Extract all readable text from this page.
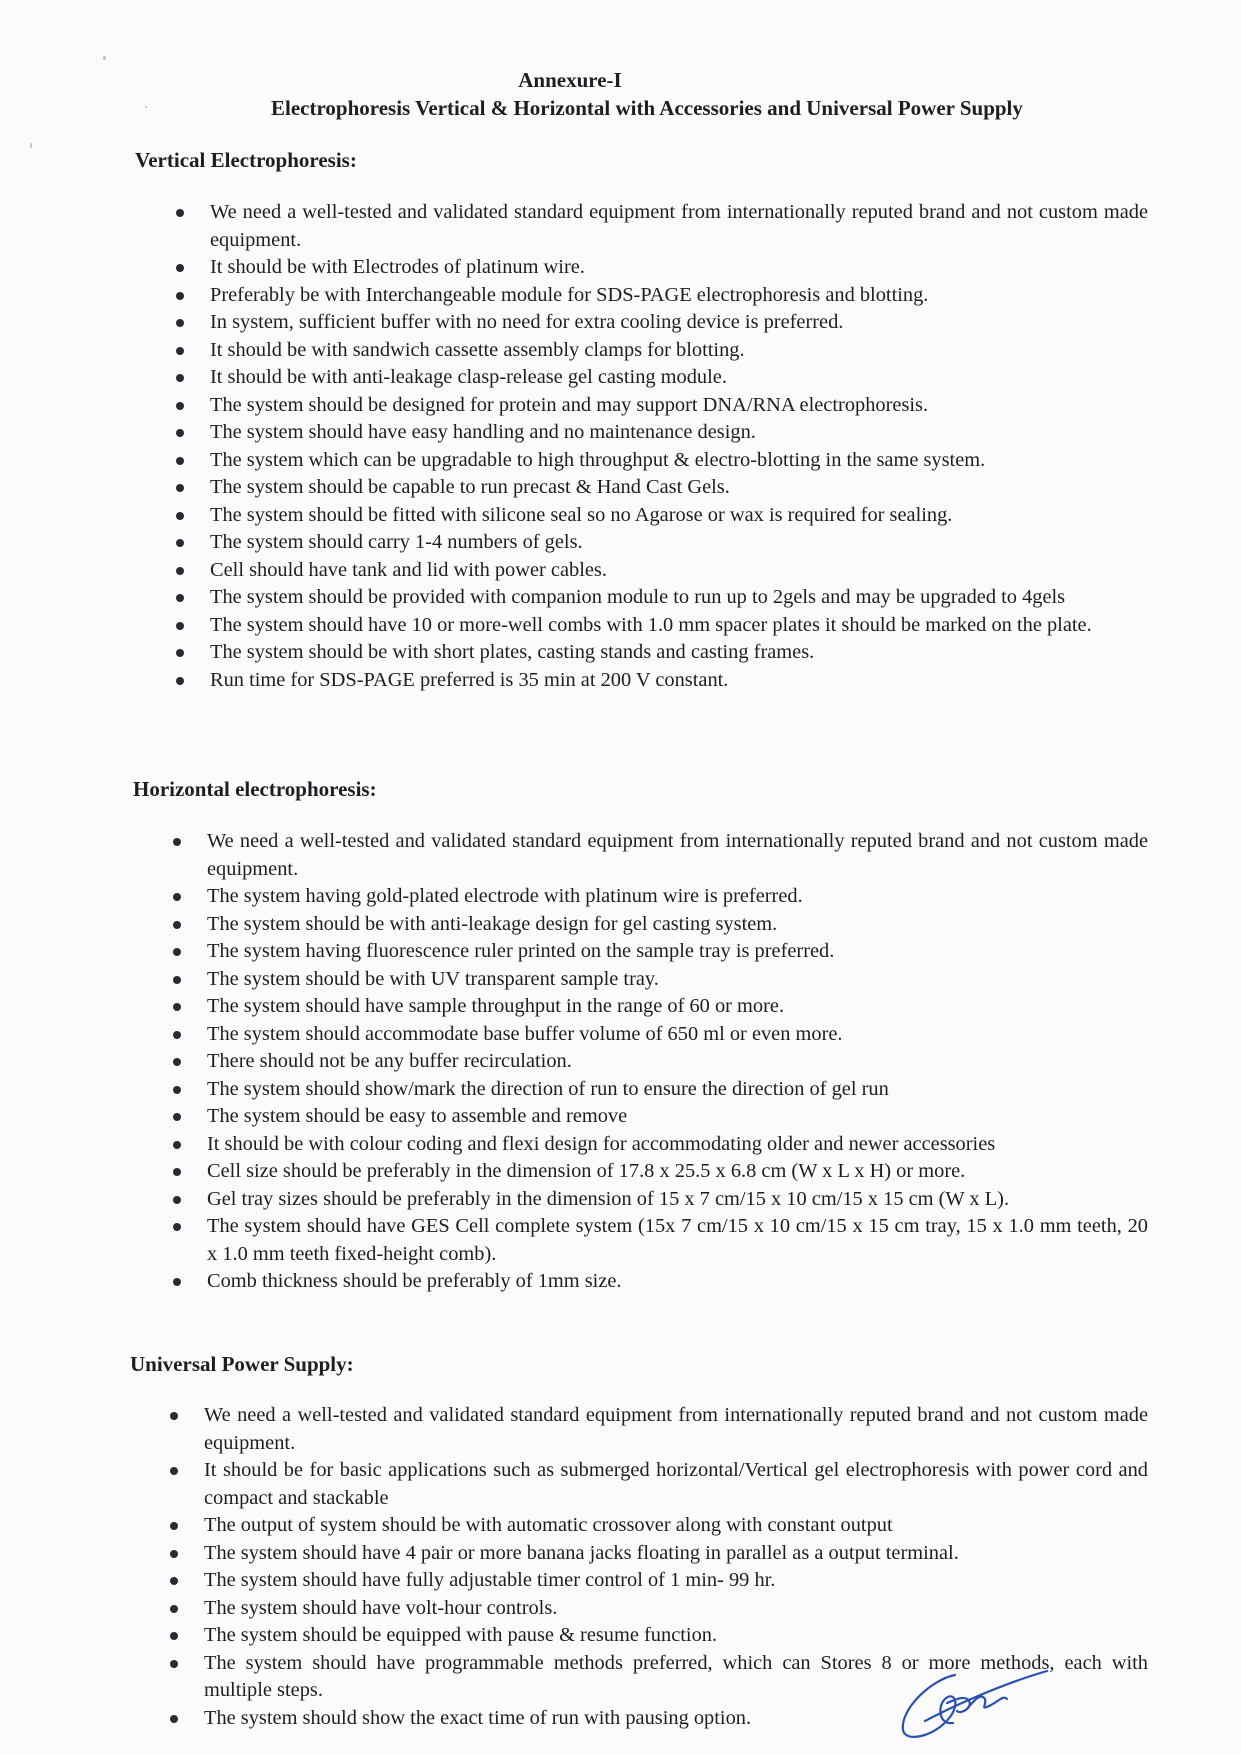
Annexure-I
Electrophoresis Vertical & Horizontal with Accessories and Universal Power Supply
Vertical Electrophoresis:
We need a well-tested and validated standard equipment from internationally reputed brand and not custom made equipment.
It should be with Electrodes of platinum wire.
Preferably be with Interchangeable module for SDS-PAGE electrophoresis and blotting.
In system, sufficient buffer with no need for extra cooling device is preferred.
It should be with sandwich cassette assembly clamps for blotting.
It should be with anti-leakage clasp-release gel casting module.
The system should be designed for protein and may support DNA/RNA electrophoresis.
The system should have easy handling and no maintenance design.
The system which can be upgradable to high throughput & electro-blotting in the same system.
The system should be capable to run precast & Hand Cast Gels.
The system should be fitted with silicone seal so no Agarose or wax is required for sealing.
The system should carry 1-4 numbers of gels.
Cell should have tank and lid with power cables.
The system should be provided with companion module to run up to 2gels and may be upgraded to 4gels
The system should have 10 or more-well combs with 1.0 mm spacer plates it should be marked on the plate.
The system should be with short plates, casting stands and casting frames.
Run time for SDS-PAGE preferred is 35 min at 200 V constant.
Horizontal electrophoresis:
We need a well-tested and validated standard equipment from internationally reputed brand and not custom made equipment.
The system having gold-plated electrode with platinum wire is preferred.
The system should be with anti-leakage design for gel casting system.
The system having fluorescence ruler printed on the sample tray is preferred.
The system should be with UV transparent sample tray.
The system should have sample throughput in the range of 60 or more.
The system should accommodate base buffer volume of 650 ml or even more.
There should not be any buffer recirculation.
The system should show/mark the direction of run to ensure the direction of gel run
The system should be easy to assemble and remove
It should be with colour coding and flexi design for accommodating older and newer accessories
Cell size should be preferably in the dimension of 17.8 x 25.5 x 6.8 cm (W x L x H) or more.
Gel tray sizes should be preferably in the dimension of 15 x 7 cm/15 x 10 cm/15 x 15 cm (W x L).
The system should have GES Cell complete system (15x 7 cm/15 x 10 cm/15 x 15 cm tray, 15 x 1.0 mm teeth, 20 x 1.0 mm teeth fixed-height comb).
Comb thickness should be preferably of 1mm size.
Universal Power Supply:
We need a well-tested and validated standard equipment from internationally reputed brand and not custom made equipment.
It should be for basic applications such as submerged horizontal/Vertical gel electrophoresis with power cord and compact and stackable
The output of system should be with automatic crossover along with constant output
The system should have 4 pair or more banana jacks floating in parallel as a output terminal.
The system should have fully adjustable timer control of 1 min- 99 hr.
The system should have volt-hour controls.
The system should be equipped with pause & resume function.
The system should have programmable methods preferred, which can Stores 8 or more methods, each with multiple steps.
The system should show the exact time of run with pausing option.
